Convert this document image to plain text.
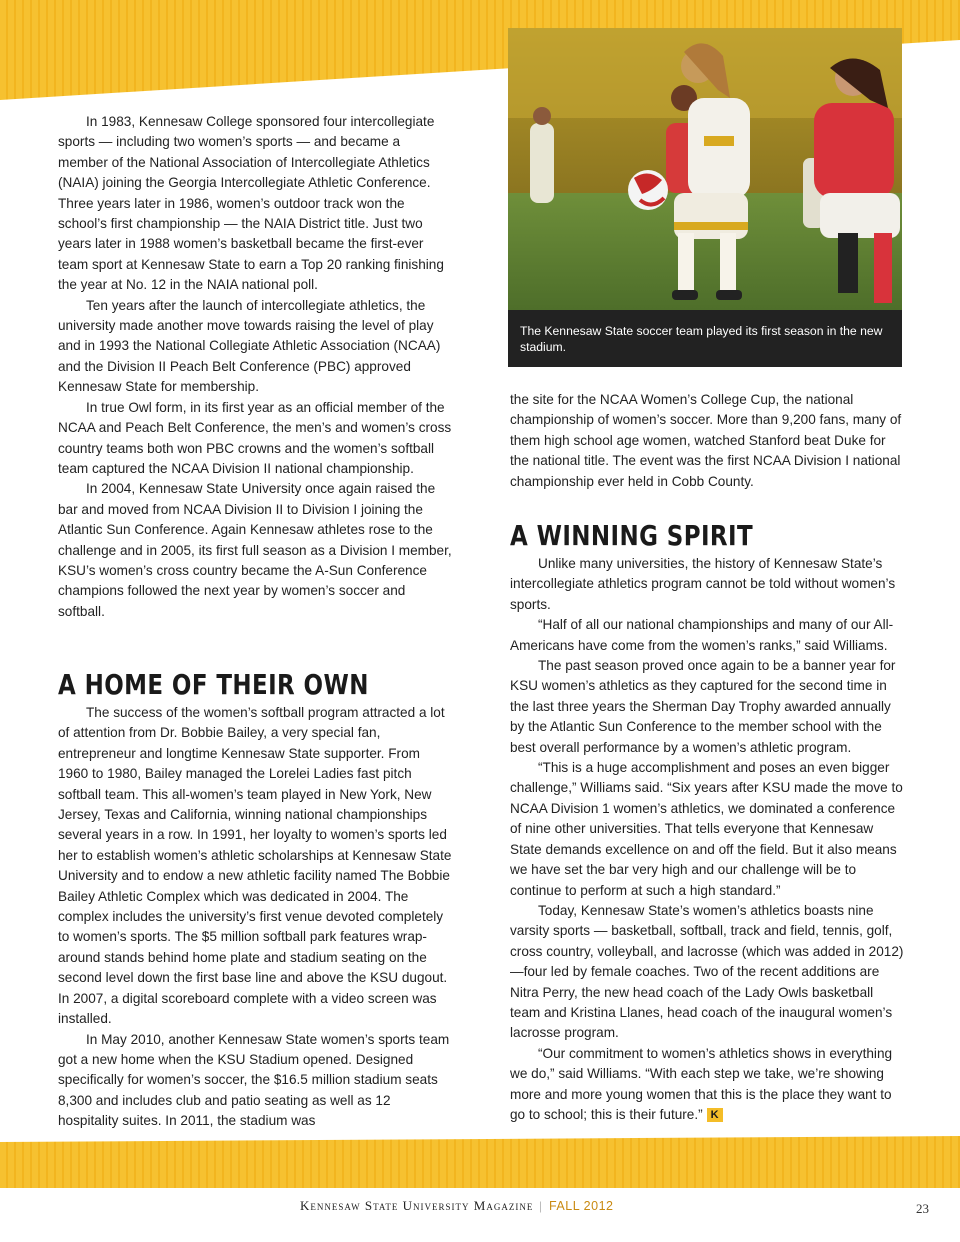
In 1983, Kennesaw College sponsored four intercollegiate sports — including two women’s sports — and became a member of the National Association of Intercollegiate Athletics (NAIA) joining the Georgia Intercollegiate Athletic Conference. Three years later in 1986, women’s outdoor track won the school’s first championship — the NAIA District title. Just two years later in 1988 women’s basketball became the first-ever team sport at Kennesaw State to earn a Top 20 ranking finishing the year at No. 12 in the NAIA national poll.

Ten years after the launch of intercollegiate athletics, the university made another move towards raising the level of play and in 1993 the National Collegiate Athletic Association (NCAA) and the Division II Peach Belt Conference (PBC) approved Kennesaw State for membership.

In true Owl form, in its first year as an official member of the NCAA and Peach Belt Conference, the men’s and women’s cross country teams both won PBC crowns and the women’s softball team captured the NCAA Division II national championship.

In 2004, Kennesaw State University once again raised the bar and moved from NCAA Division II to Division I joining the Atlantic Sun Conference. Again Kennesaw athletes rose to the challenge and in 2005, its first full season as a Division I member, KSU’s women’s cross country became the A-Sun Conference champions followed the next year by women’s soccer and softball.

A HOME OF THEIR OWN

The success of the women’s softball program attracted a lot of attention from Dr. Bobbie Bailey, a very special fan, entrepreneur and longtime Kennesaw State supporter. From 1960 to 1980, Bailey managed the Lorelei Ladies fast pitch softball team. This all-women’s team played in New York, New Jersey, Texas and California, winning national championships several years in a row. In 1991, her loyalty to women’s sports led her to establish women’s athletic scholarships at Kennesaw State University and to endow a new athletic facility named The Bobbie Bailey Athletic Complex which was dedicated in 2004. The complex includes the university’s first venue devoted completely to women’s sports. The $5 million softball park features wrap-around stands behind home plate and stadium seating on the second level down the first base line and above the KSU dugout. In 2007, a digital scoreboard complete with a video screen was installed.

In May 2010, another Kennesaw State women’s sports team got a new home when the KSU Stadium opened. Designed specifically for women’s soccer, the $16.5 million stadium seats 8,300 and includes club and patio seating as well as 12 hospitality suites. In 2011, the stadium was

The Kennesaw State soccer team played its first season in the new stadium.

the site for the NCAA Women’s College Cup, the national championship of women’s soccer. More than 9,200 fans, many of them high school age women, watched Stanford beat Duke for the national title. The event was the first NCAA Division I national championship ever held in Cobb County.

A WINNING SPIRIT

Unlike many universities, the history of Kennesaw State’s intercollegiate athletics program cannot be told without women’s sports.

“Half of all our national championships and many of our All-Americans have come from the women’s ranks,” said Williams.

The past season proved once again to be a banner year for KSU women’s athletics as they captured for the second time in the last three years the Sherman Day Trophy awarded annually by the Atlantic Sun Conference to the member school with the best overall performance by a women’s athletic program.

“This is a huge accomplishment and poses an even bigger challenge,” Williams said. “Six years after KSU made the move to NCAA Division 1 women’s athletics, we dominated a conference of nine other universities. That tells everyone that Kennesaw State demands excellence on and off the field. But it also means we have set the bar very high and our challenge will be to continue to perform at such a high standard.”

Today, Kennesaw State’s women’s athletics boasts nine varsity sports — basketball, softball, track and field, tennis, golf, cross country, volleyball, and lacrosse (which was added in 2012) —four led by female coaches. Two of the recent additions are Nitra Perry, the new head coach of the Lady Owls basketball team and Kristina Llanes, head coach of the inaugural women’s lacrosse program.

“Our commitment to women’s athletics shows in everything we do,” said Williams. “With each step we take, we’re showing more and more young women that this is the place they want to go to school; this is their future.” K

Kennesaw State University Magazine | FALL 2012	23
